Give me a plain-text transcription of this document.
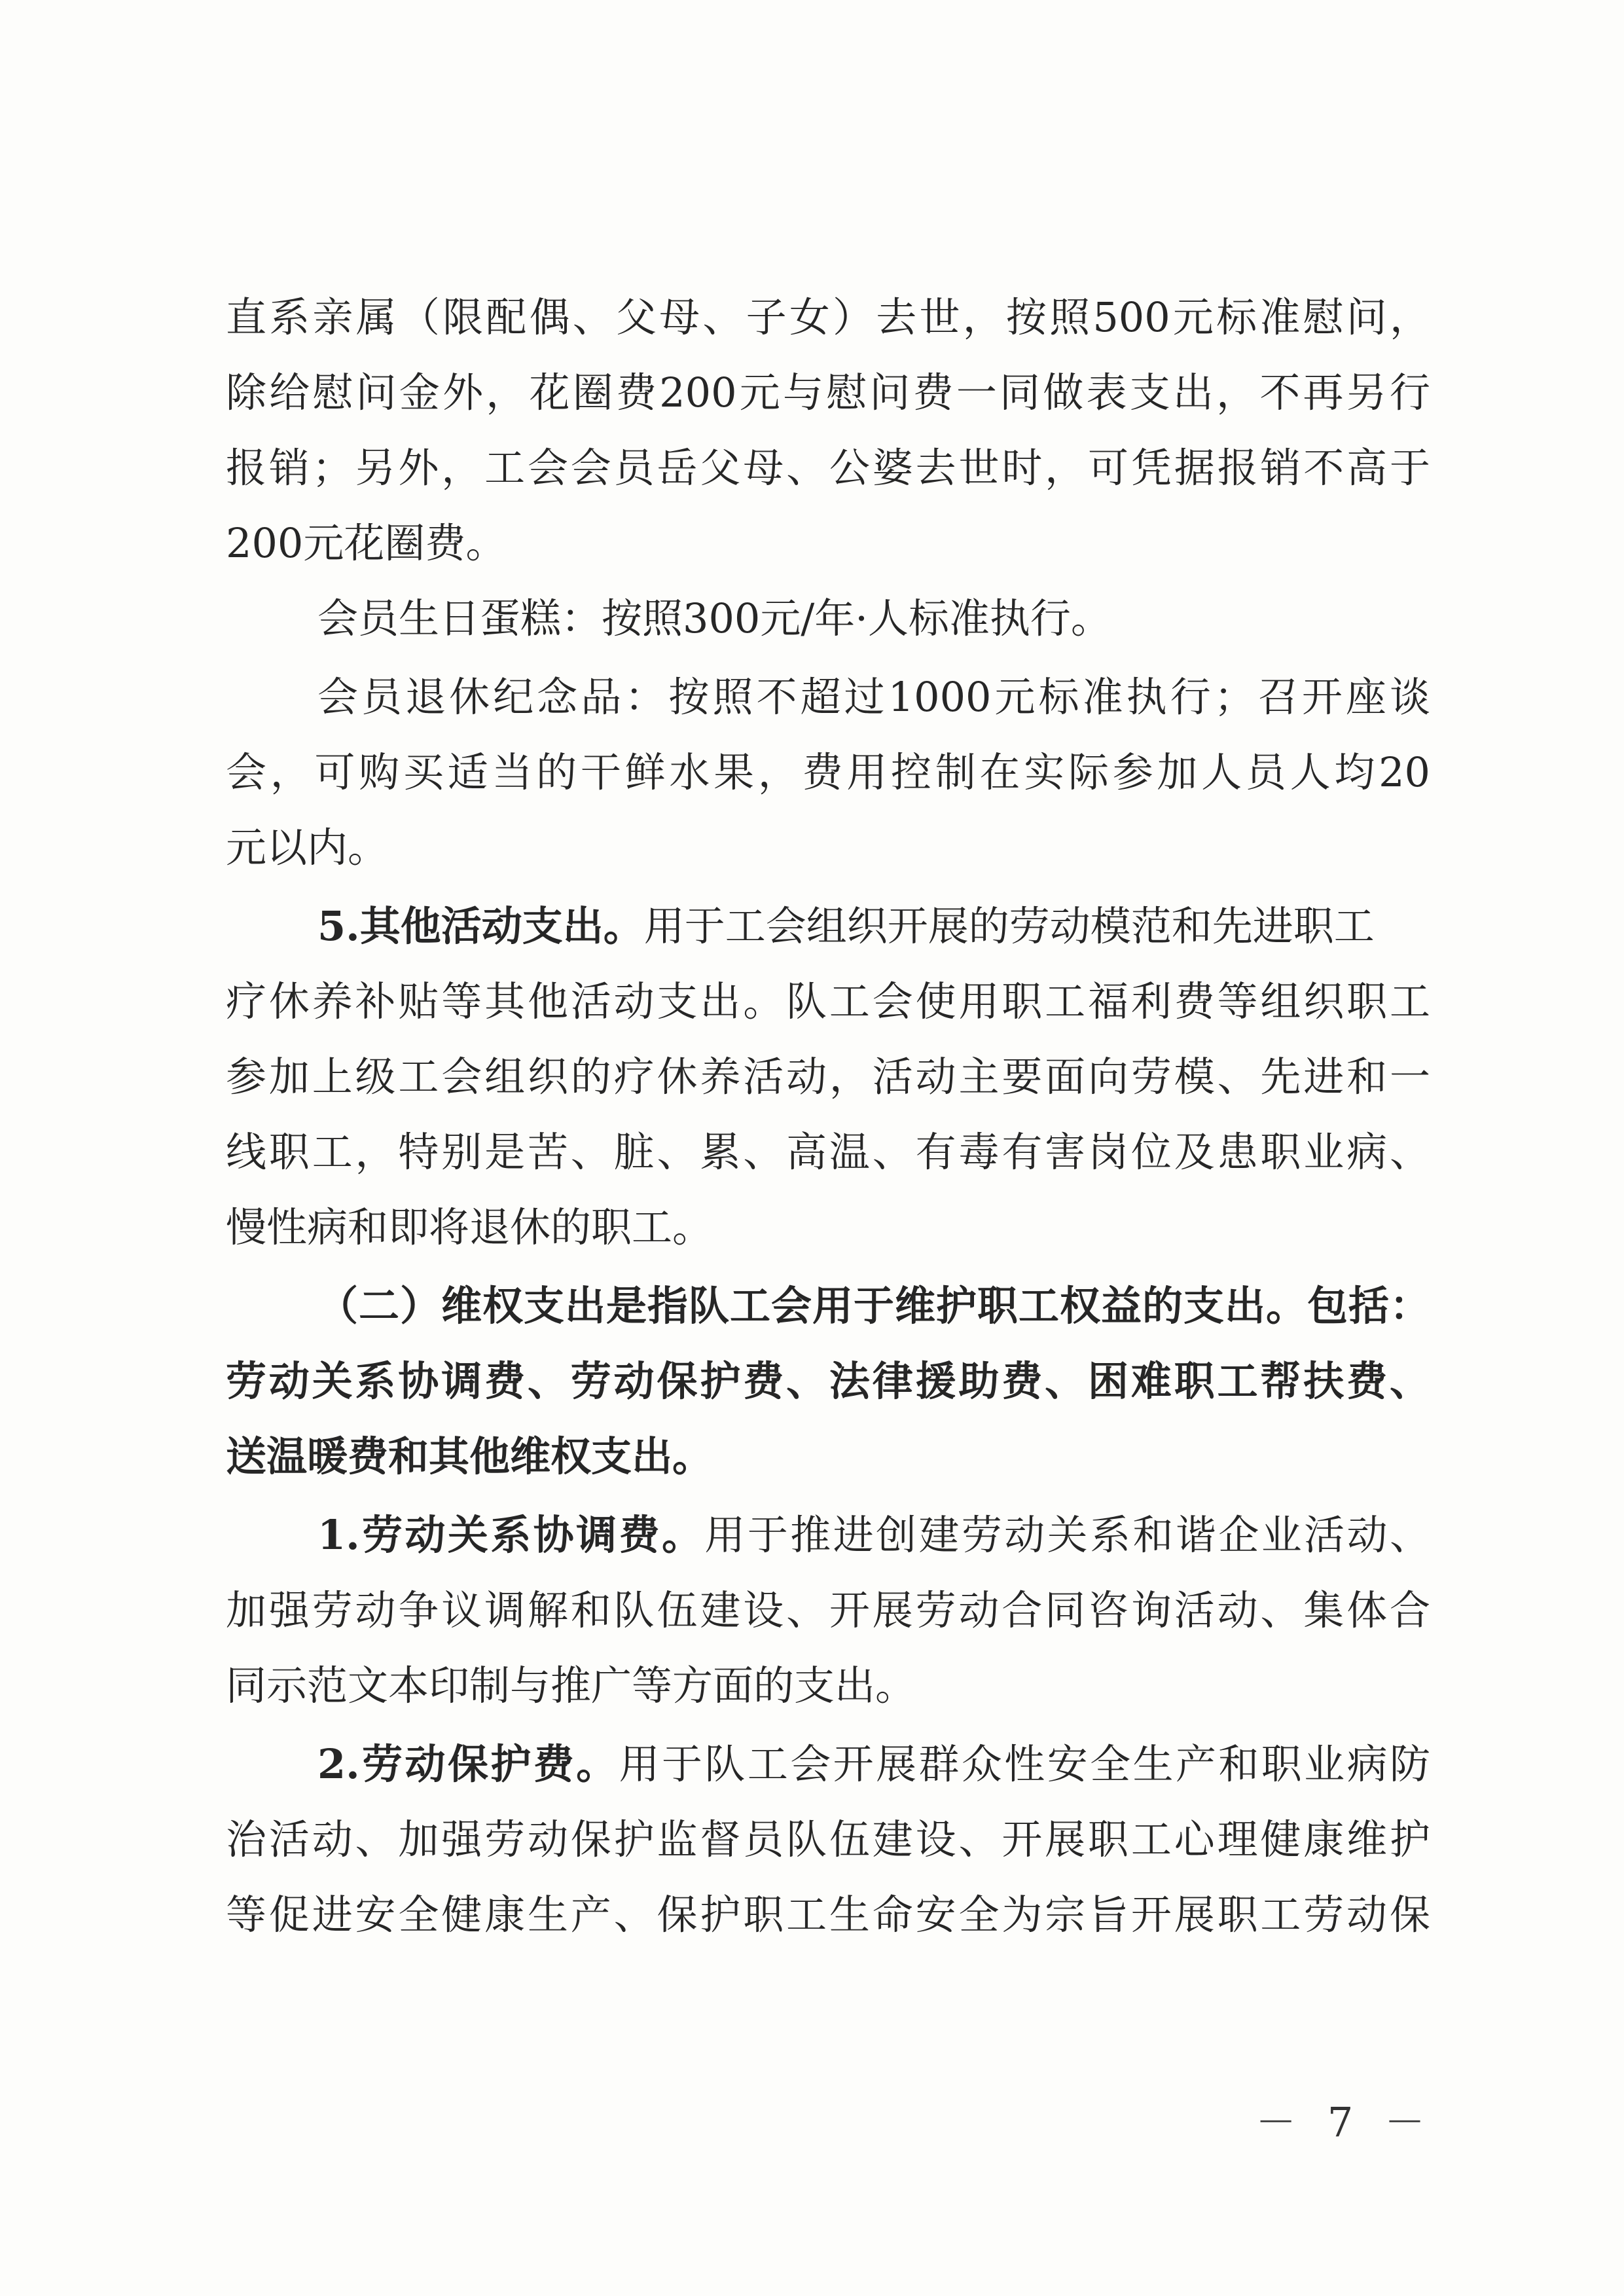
直系亲属（限配偶、父母、子女）去世，按照500元标准慰问，
除给慰问金外，花圈费200元与慰问费一同做表支出，不再另行
报销；另外，工会会员岳父母、公婆去世时，可凭据报销不高于
200元花圈费。
会员生日蛋糕：按照300元/年·人标准执行。
会员退休纪念品：按照不超过1000元标准执行；召开座谈
会，可购买适当的干鲜水果，费用控制在实际参加人员人均20
元以内。
5.其他活动支出。用于工会组织开展的劳动模范和先进职工
疗休养补贴等其他活动支出。队工会使用职工福利费等组织职工
参加上级工会组织的疗休养活动，活动主要面向劳模、先进和一
线职工，特别是苦、脏、累、高温、有毒有害岗位及患职业病、
慢性病和即将退休的职工。
（二）维权支出是指队工会用于维护职工权益的支出。包括：
劳动关系协调费、劳动保护费、法律援助费、困难职工帮扶费、
送温暖费和其他维权支出。
1.劳动关系协调费。用于推进创建劳动关系和谐企业活动、
加强劳动争议调解和队伍建设、开展劳动合同咨询活动、集体合
同示范文本印制与推广等方面的支出。
2.劳动保护费。用于队工会开展群众性安全生产和职业病防
治活动、加强劳动保护监督员队伍建设、开展职工心理健康维护
等促进安全健康生产、保护职工生命安全为宗旨开展职工劳动保
－ 7 －
